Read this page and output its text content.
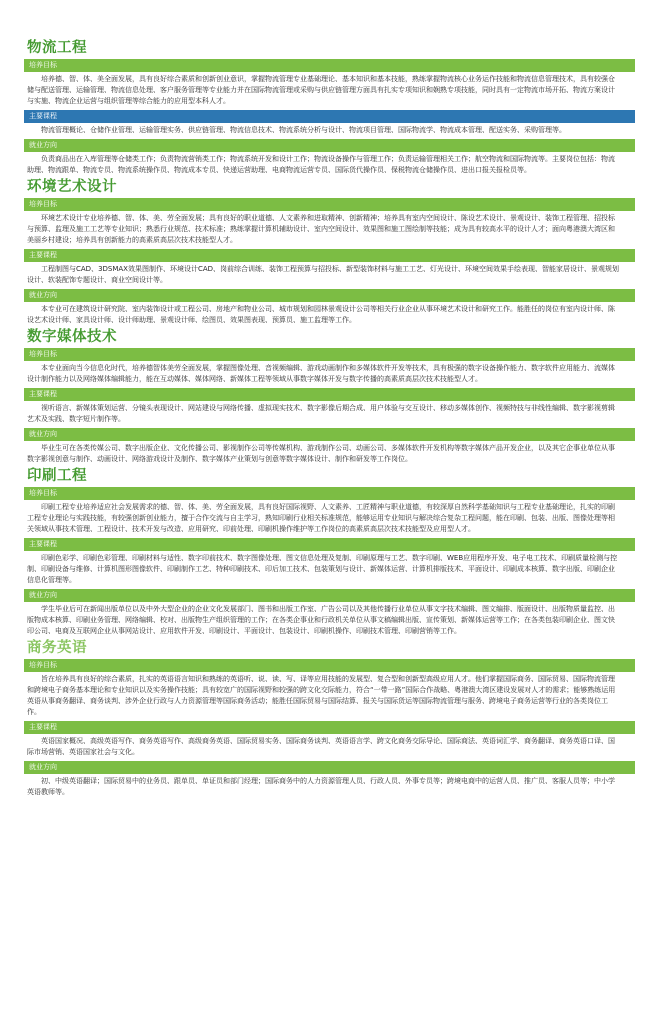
物流工程
培养目标
培养德、智、体、美全面发展，具有良好综合素质和创新创业意识，掌握物流管理专业基础理论、基本知识和基本技能，熟练掌握物流核心业务运作技能和物流信息管理技术，具有较强仓储与配送管理、运输管理、物流信息处理、客户服务管理等专业能力并在国际物流管理或采购与供应链管理方面具有扎实专项知识和娴熟专项技能，同时具有一定物流市场开拓、物流方案设计与实施、物流企业运营与组织管理等综合能力的应用型本科人才。
主要课程
物流管理概论、仓储作业管理、运输管理实务、供应链管理、物流信息技术、物流系统分析与设计、物流项目管理、国际物流学、物流成本管理、配送实务、采购管理等。
就业方向
负责商品出在入库管理等仓储类工作；负责物流营销类工作；物流系统开发和设计工作；物流设备操作与管理工作；负责运输管理相关工作；航空物流和国际物流等。主要岗位包括：物流助理、物流跟单、物流专员、物流系统操作员、物流成本专员、快递运营助理、电商物流运营专员、国际货代操作员、保税物流仓储操作员、进出口报关报检员等。
环境艺术设计
培养目标
环境艺术设计专业培养德、智、体、美、劳全面发展；具有良好的职业道德、人文素养和进取精神、创新精神；培养具有室内空间设计、陈设艺术设计、景观设计、装饰工程管理、招投标与预算、监理及施工工艺等专业知识；熟悉行业规范、技术标准；熟练掌握计算机辅助设计、室内空间设计、效果图和施工图绘制等技能；成为具有较高水平的设计人才；面向粤港澳大湾区和美丽乡村建设；培养具有创新能力的高素质高层次技术技能型人才。
主要课程
工程制图与CAD、3DSMAX效果图制作、环境设计CAD、岗前综合训练、装饰工程预算与招投标、新型装饰材料与施工工艺、灯光设计、环境空间效果手绘表现、智能家居设计、景观规划设计、软装配饰专题设计、商业空间设计等。
就业方向
本专业可在建筑设计研究院、室内装饰设计或工程公司、房地产和物业公司、城市规划和园林景观设计公司等相关行业企业从事环境艺术设计和研究工作。能胜任的岗位有室内设计师、陈设艺术设计师、家具设计师、设计师助理、景观设计师、绘图员、效果图表现、预算员、施工监理等工作。
数字媒体技术
培养目标
本专业面向当今信息化时代，培养德智体美劳全面发展，掌握图像处理、音视频编辑、游戏动画制作和多媒体软件开发等技术，具有极强的数字设备操作能力、数字软件应用能力、流媒体设计制作能力以及网络媒体编辑能力，能在互动媒体、媒体网络、新媒体工程等领域从事数字媒体开发与数字传播的高素质高层次技术技能型人才。
主要课程
视听语言、新媒体策划运营、分镜头表现设计、网站建设与网络传播、虚拟现实技术、数字影像后期合成、用户体验与交互设计、移动多媒体创作、视频特技与非线性编辑、数字影视剪辑艺术及实践、数字短片制作等。
就业方向
毕业生可在各类传媒公司、数字出版企业、文化传播公司、影视制作公司等传媒机构、游戏制作公司、动画公司、多媒体软件开发机构等数字媒体产品开发企业，以及其它企事业单位从事数字影视创意与制作、动画设计、网络游戏设计及制作、数字媒体产业策划与创意等数字媒体设计、制作和研发等工作岗位。
印刷工程
培养目标
印刷工程专业培养适应社会发展需求的德、智、体、美、劳全面发展，具有良好国际视野、人文素养、工匠精神与职业道德，有较深厚自然科学基础知识与工程专业基础理论，扎实的印刷工程专业理论与实践技能，有较强创新创业能力，擅于合作交流与自主学习，熟知印刷行业相关标准规范，能够运用专业知识与解决综合复杂工程问题，能在印刷、包装、出版、图像处理等相关领域从事技术管理、工程设计、技术开发与改造、应用研究、印前处理、印刷机操作维护等工作岗位的高素质高层次技术技能型及应用型人才。
主要课程
印刷色彩学、印刷色彩管理、印刷材料与适性、数字印前技术、数字图像处理、图文信息处理及复制、印刷原理与工艺、数字印刷、WEB应用程序开发、电子电工技术、印刷质量检测与控制、印刷设备与维修、计算机图形图像软件、印刷制作工艺、特种印刷技术、印后加工技术、包装策划与设计、新媒体运营、计算机排版技术、平面设计、印刷成本核算、数字出版、印刷企业信息化管理等。
就业方向
学生毕业后可在新闻出版单位以及中外大型企业的企业文化发展部门、图书和出版工作室、广告公司以及其他传播行业单位从事文字技术编辑、图文编排、版面设计、出版物质量监控、出版物成本核算、印刷业务管理、网络编辑、校对、出版物生产组织管理的工作；在各类企事业和行政机关单位从事文稿编辑出版、宣传策划、新媒体运营等工作；在各类包装印刷企业、图文快印公司、电商及互联网企业从事网站设计、应用软件开发、印刷设计、平面设计、包装设计、印刷机操作、印刷技术管理、印刷营销等工作。
商务英语
培养目标
旨在培养具有良好的综合素质，扎实的英语语言知识和熟练的英语听、说、读、写、译等应用技能的发展型、复合型和创新型高级应用人才。他们掌握国际商务、国际贸易、国际物流管理和跨境电子商务基本理论和专业知识以及实务操作技能；具有较宽广的国际视野和较强的跨文化交际能力，符合“一带一路”国际合作战略、粤港澳大湾区建设发展对人才的需求；能够熟练运用英语从事商务翻译、商务谈判、涉外企业行政与人力资源管理等国际商务活动；能胜任国际贸易与国际结算、报关与国际货运等国际物流管理与服务、跨境电子商务运营等行业的各类岗位工作。
主要课程
英语国家概况、高级英语写作、商务英语写作、高级商务英语、国际贸易实务、国际商务谈判、英语语言学、跨文化商务交际导论、国际商法、英语词汇学、商务翻译、商务英语口译、国际市场营销、英语国家社会与文化。
就业方向
初、中级英语翻译；国际贸易中的业务员、跟单员、单证员和部门经理；国际商务中的人力资源管理人员、行政人员、外事专员等；跨境电商中的运营人员、推广员、客服人员等；中小学英语教师等。
